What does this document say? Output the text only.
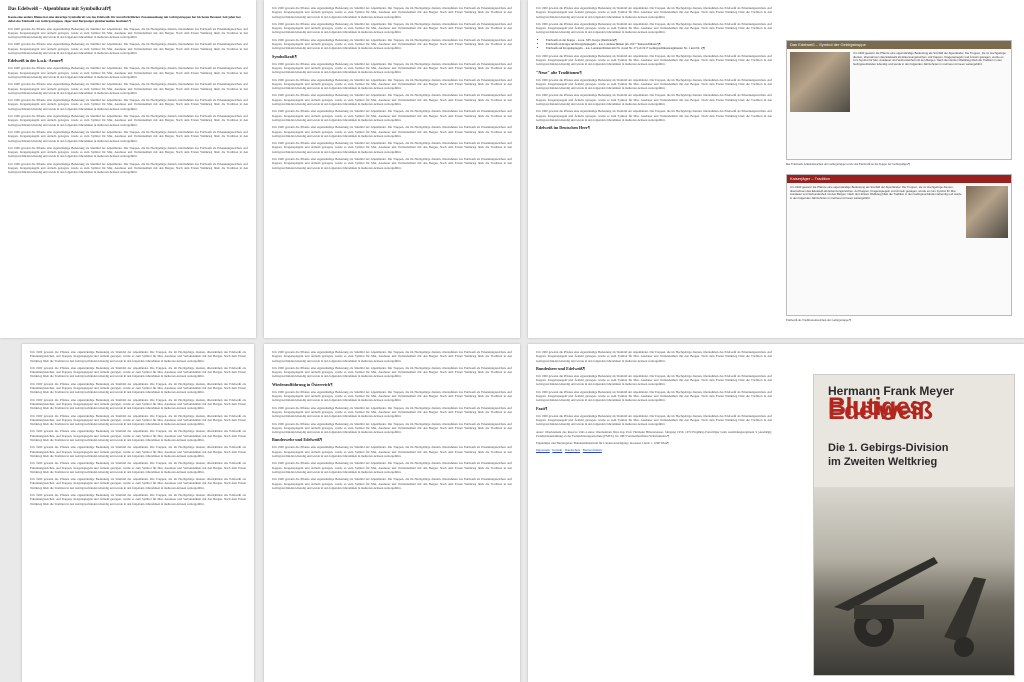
Das Edelweiß – Alpenblume mit Symbolkraft¶
Kaum eine andere Blume hat eine derartige Symbolkraft wie das Edelweiß. Ihr unverbrüchlicher Zusammenhang mit Gebirgstruppen hat bis heute Bestand. Seit jeher hat dabei das Edelweiß von Gebirgstruppen, Jäger und Bergsteiger gleichermaßen fasziniert.¶

Um 1900 gewann die Pflanze eine eigenständige Bedeutung als Sinnbild der Alpenländer. Die Truppen, die im Hochgebirge dienten, übernahmen das Edelweiß als Erkennungszeichen. Auf Kappen, Kragenspiegeln und Ärmeln getragen, wurde es zum Symbol für Mut, Ausdauer und Verbundenheit mit den Bergen. Nach dem Ersten Weltkrieg blieb die Tradition in den Gebirgsverbänden lebendig und wurde in den folgenden Jahrzehnten in mehreren Armeen weitergeführt.

Um 1900 gewann die Pflanze eine eigenständige Bedeutung als Sinnbild der Alpenländer. Die Truppen, die im Hochgebirge dienten, übernahmen das Edelweiß als Erkennungszeichen. Auf Kappen, Kragenspiegeln und Ärmeln getragen, wurde es zum Symbol für Mut, Ausdauer und Verbundenheit mit den Bergen. Nach dem Ersten Weltkrieg blieb die Tradition in den Gebirgsverbänden lebendig und wurde in den folgenden Jahrzehnten in mehreren Armeen weitergeführt.

Edelweiß in der k.u.k.-Armee¶

Um 1900 gewann die Pflanze eine eigenständige Bedeutung als Sinnbild der Alpenländer. Die Truppen, die im Hochgebirge dienten, übernahmen das Edelweiß als Erkennungszeichen. Auf Kappen, Kragenspiegeln und Ärmeln getragen, wurde es zum Symbol für Mut, Ausdauer und Verbundenheit mit den Bergen. Nach dem Ersten Weltkrieg blieb die Tradition in den Gebirgsverbänden lebendig und wurde in den folgenden Jahrzehnten in mehreren Armeen weitergeführt.

Um 1900 gewann die Pflanze eine eigenständige Bedeutung als Sinnbild der Alpenländer. Die Truppen, die im Hochgebirge dienten, übernahmen das Edelweiß als Erkennungszeichen. Auf Kappen, Kragenspiegeln und Ärmeln getragen, wurde es zum Symbol für Mut, Ausdauer und Verbundenheit mit den Bergen. Nach dem Ersten Weltkrieg blieb die Tradition in den Gebirgsverbänden lebendig und wurde in den folgenden Jahrzehnten in mehreren Armeen weitergeführt.

Um 1900 gewann die Pflanze eine eigenständige Bedeutung als Sinnbild der Alpenländer. Die Truppen, die im Hochgebirge dienten, übernahmen das Edelweiß als Erkennungszeichen. Auf Kappen, Kragenspiegeln und Ärmeln getragen, wurde es zum Symbol für Mut, Ausdauer und Verbundenheit mit den Bergen. Nach dem Ersten Weltkrieg blieb die Tradition in den Gebirgsverbänden lebendig und wurde in den folgenden Jahrzehnten in mehreren Armeen weitergeführt.

Um 1900 gewann die Pflanze eine eigenständige Bedeutung als Sinnbild der Alpenländer. Die Truppen, die im Hochgebirge dienten, übernahmen das Edelweiß als Erkennungszeichen. Auf Kappen, Kragenspiegeln und Ärmeln getragen, wurde es zum Symbol für Mut, Ausdauer und Verbundenheit mit den Bergen. Nach dem Ersten Weltkrieg blieb die Tradition in den Gebirgsverbänden lebendig und wurde in den folgenden Jahrzehnten in mehreren Armeen weitergeführt.

Um 1900 gewann die Pflanze eine eigenständige Bedeutung als Sinnbild der Alpenländer. Die Truppen, die im Hochgebirge dienten, übernahmen das Edelweiß als Erkennungszeichen. Auf Kappen, Kragenspiegeln und Ärmeln getragen, wurde es zum Symbol für Mut, Ausdauer und Verbundenheit mit den Bergen. Nach dem Ersten Weltkrieg blieb die Tradition in den Gebirgsverbänden lebendig und wurde in den folgenden Jahrzehnten in mehreren Armeen weitergeführt.

Um 1900 gewann die Pflanze eine eigenständige Bedeutung als Sinnbild der Alpenländer. Die Truppen, die im Hochgebirge dienten, übernahmen das Edelweiß als Erkennungszeichen. Auf Kappen, Kragenspiegeln und Ärmeln getragen, wurde es zum Symbol für Mut, Ausdauer und Verbundenheit mit den Bergen. Nach dem Ersten Weltkrieg blieb die Tradition in den Gebirgsverbänden lebendig und wurde in den folgenden Jahrzehnten in mehreren Armeen weitergeführt.

Um 1900 gewann die Pflanze eine eigenständige Bedeutung als Sinnbild der Alpenländer. Die Truppen, die im Hochgebirge dienten, übernahmen das Edelweiß als Erkennungszeichen. Auf Kappen, Kragenspiegeln und Ärmeln getragen, wurde es zum Symbol für Mut, Ausdauer und Verbundenheit mit den Bergen. Nach dem Ersten Weltkrieg blieb die Tradition in den Gebirgsverbänden lebendig und wurde in den folgenden Jahrzehnten in mehreren Armeen weitergeführt.

Um 1900 gewann die Pflanze eine eigenständige Bedeutung als Sinnbild der Alpenländer. Die Truppen, die im Hochgebirge dienten, übernahmen das Edelweiß als Erkennungszeichen. Auf Kappen, Kragenspiegeln und Ärmeln getragen, wurde es zum Symbol für Mut, Ausdauer und Verbundenheit mit den Bergen. Nach dem Ersten Weltkrieg blieb die Tradition in den Gebirgsverbänden lebendig und wurde in den folgenden Jahrzehnten in mehreren Armeen weitergeführt.

Um 1900 gewann die Pflanze eine eigenständige Bedeutung als Sinnbild der Alpenländer. Die Truppen, die im Hochgebirge dienten, übernahmen das Edelweiß als Erkennungszeichen. Auf Kappen, Kragenspiegeln und Ärmeln getragen, wurde es zum Symbol für Mut, Ausdauer und Verbundenheit mit den Bergen. Nach dem Ersten Weltkrieg blieb die Tradition in den Gebirgsverbänden lebendig und wurde in den folgenden Jahrzehnten in mehreren Armeen weitergeführt.

Um 1900 gewann die Pflanze eine eigenständige Bedeutung als Sinnbild der Alpenländer. Die Truppen, die im Hochgebirge dienten, übernahmen das Edelweiß als Erkennungszeichen. Auf Kappen, Kragenspiegeln und Ärmeln getragen, wurde es zum Symbol für Mut, Ausdauer und Verbundenheit mit den Bergen. Nach dem Ersten Weltkrieg blieb die Tradition in den Gebirgsverbänden lebendig und wurde in den folgenden Jahrzehnten in mehreren Armeen weitergeführt.

Symbolkraft¶

Um 1900 gewann die Pflanze eine eigenständige Bedeutung als Sinnbild der Alpenländer. Die Truppen, die im Hochgebirge dienten, übernahmen das Edelweiß als Erkennungszeichen. Auf Kappen, Kragenspiegeln und Ärmeln getragen, wurde es zum Symbol für Mut, Ausdauer und Verbundenheit mit den Bergen. Nach dem Ersten Weltkrieg blieb die Tradition in den Gebirgsverbänden lebendig und wurde in den folgenden Jahrzehnten in mehreren Armeen weitergeführt.

Um 1900 gewann die Pflanze eine eigenständige Bedeutung als Sinnbild der Alpenländer. Die Truppen, die im Hochgebirge dienten, übernahmen das Edelweiß als Erkennungszeichen. Auf Kappen, Kragenspiegeln und Ärmeln getragen, wurde es zum Symbol für Mut, Ausdauer und Verbundenheit mit den Bergen. Nach dem Ersten Weltkrieg blieb die Tradition in den Gebirgsverbänden lebendig und wurde in den folgenden Jahrzehnten in mehreren Armeen weitergeführt.

Um 1900 gewann die Pflanze eine eigenständige Bedeutung als Sinnbild der Alpenländer. Die Truppen, die im Hochgebirge dienten, übernahmen das Edelweiß als Erkennungszeichen. Auf Kappen, Kragenspiegeln und Ärmeln getragen, wurde es zum Symbol für Mut, Ausdauer und Verbundenheit mit den Bergen. Nach dem Ersten Weltkrieg blieb die Tradition in den Gebirgsverbänden lebendig und wurde in den folgenden Jahrzehnten in mehreren Armeen weitergeführt.

Um 1900 gewann die Pflanze eine eigenständige Bedeutung als Sinnbild der Alpenländer. Die Truppen, die im Hochgebirge dienten, übernahmen das Edelweiß als Erkennungszeichen. Auf Kappen, Kragenspiegeln und Ärmeln getragen, wurde es zum Symbol für Mut, Ausdauer und Verbundenheit mit den Bergen. Nach dem Ersten Weltkrieg blieb die Tradition in den Gebirgsverbänden lebendig und wurde in den folgenden Jahrzehnten in mehreren Armeen weitergeführt.

Um 1900 gewann die Pflanze eine eigenständige Bedeutung als Sinnbild der Alpenländer. Die Truppen, die im Hochgebirge dienten, übernahmen das Edelweiß als Erkennungszeichen. Auf Kappen, Kragenspiegeln und Ärmeln getragen, wurde es zum Symbol für Mut, Ausdauer und Verbundenheit mit den Bergen. Nach dem Ersten Weltkrieg blieb die Tradition in den Gebirgsverbänden lebendig und wurde in den folgenden Jahrzehnten in mehreren Armeen weitergeführt.

Um 1900 gewann die Pflanze eine eigenständige Bedeutung als Sinnbild der Alpenländer. Die Truppen, die im Hochgebirge dienten, übernahmen das Edelweiß als Erkennungszeichen. Auf Kappen, Kragenspiegeln und Ärmeln getragen, wurde es zum Symbol für Mut, Ausdauer und Verbundenheit mit den Bergen. Nach dem Ersten Weltkrieg blieb die Tradition in den Gebirgsverbänden lebendig und wurde in den folgenden Jahrzehnten in mehreren Armeen weitergeführt.

Um 1900 gewann die Pflanze eine eigenständige Bedeutung als Sinnbild der Alpenländer. Die Truppen, die im Hochgebirge dienten, übernahmen das Edelweiß als Erkennungszeichen. Auf Kappen, Kragenspiegeln und Ärmeln getragen, wurde es zum Symbol für Mut, Ausdauer und Verbundenheit mit den Bergen. Nach dem Ersten Weltkrieg blieb die Tradition in den Gebirgsverbänden lebendig und wurde in den folgenden Jahrzehnten in mehreren Armeen weitergeführt.

Um 1900 gewann die Pflanze eine eigenständige Bedeutung als Sinnbild der Alpenländer. Die Truppen, die im Hochgebirge dienten, übernahmen das Edelweiß als Erkennungszeichen. Auf Kappen, Kragenspiegeln und Ärmeln getragen, wurde es zum Symbol für Mut, Ausdauer und Verbundenheit mit den Bergen. Nach dem Ersten Weltkrieg blieb die Tradition in den Gebirgsverbänden lebendig und wurde in den folgenden Jahrzehnten in mehreren Armeen weitergeführt.

Um 1900 gewann die Pflanze eine eigenständige Bedeutung als Sinnbild der Alpenländer. Die Truppen, die im Hochgebirge dienten, übernahmen das Edelweiß als Erkennungszeichen. Auf Kappen, Kragenspiegeln und Ärmeln getragen, wurde es zum Symbol für Mut, Ausdauer und Verbundenheit mit den Bergen. Nach dem Ersten Weltkrieg blieb die Tradition in den Gebirgsverbänden lebendig und wurde in den folgenden Jahrzehnten in mehreren Armeen weitergeführt.

• Edelweiß an der Kappe – k.u.k. XIV. Korps (Innsbruck)¶
• Edelweiß an Kappe und Kragenspiegeln – k.k. Landesschützen (ab 1917 "Kaiserschützen")¶
• Edelweiß auf Kragenspiegeln – k.k. Landesschützen mit Nr. 4 und Nr. 27 (ab 1917 Gebirgsschützenregimenter Nr. 1 und Nr. 2)¶

Um 1900 gewann die Pflanze eine eigenständige Bedeutung als Sinnbild der Alpenländer. Die Truppen, die im Hochgebirge dienten, übernahmen das Edelweiß als Erkennungszeichen. Auf Kappen, Kragenspiegeln und Ärmeln getragen, wurde es zum Symbol für Mut, Ausdauer und Verbundenheit mit den Bergen. Nach dem Ersten Weltkrieg blieb die Tradition in den Gebirgsverbänden lebendig und wurde in den folgenden Jahrzehnten in mehreren Armeen weitergeführt.

"Neue" alte Traditionen¶

Um 1900 gewann die Pflanze eine eigenständige Bedeutung als Sinnbild der Alpenländer. Die Truppen, die im Hochgebirge dienten, übernahmen das Edelweiß als Erkennungszeichen. Auf Kappen, Kragenspiegeln und Ärmeln getragen, wurde es zum Symbol für Mut, Ausdauer und Verbundenheit mit den Bergen. Nach dem Ersten Weltkrieg blieb die Tradition in den Gebirgsverbänden lebendig und wurde in den folgenden Jahrzehnten in mehreren Armeen weitergeführt.

Um 1900 gewann die Pflanze eine eigenständige Bedeutung als Sinnbild der Alpenländer. Die Truppen, die im Hochgebirge dienten, übernahmen das Edelweiß als Erkennungszeichen. Auf Kappen, Kragenspiegeln und Ärmeln getragen, wurde es zum Symbol für Mut, Ausdauer und Verbundenheit mit den Bergen. Nach dem Ersten Weltkrieg blieb die Tradition in den Gebirgsverbänden lebendig und wurde in den folgenden Jahrzehnten in mehreren Armeen weitergeführt.

Um 1900 gewann die Pflanze eine eigenständige Bedeutung als Sinnbild der Alpenländer. Die Truppen, die im Hochgebirge dienten, übernahmen das Edelweiß als Erkennungszeichen. Auf Kappen, Kragenspiegeln und Ärmeln getragen, wurde es zum Symbol für Mut, Ausdauer und Verbundenheit mit den Bergen. Nach dem Ersten Weltkrieg blieb die Tradition in den Gebirgsverbänden lebendig und wurde in den folgenden Jahrzehnten in mehreren Armeen weitergeführt.

Edelweiß im Deutschen Heer¶
Das Edelweiß – Symbol der Gebirgstruppe
Um 1900 gewann die Pflanze eine eigenständige Bedeutung als Sinnbild der Alpenländer. Die Truppen, die im Hochgebirge dienten, übernahmen das Edelweiß als Erkennungszeichen. Auf Kappen, Kragenspiegeln und Ärmeln getragen, wurde es zum Symbol für Mut, Ausdauer und Verbundenheit mit den Bergen. Nach dem Ersten Weltkrieg blieb die Tradition in den Gebirgsverbänden lebendig und wurde in den folgenden Jahrzehnten in mehreren Armeen weitergeführt.
Der Edelweiß-Ärmelabzeichen der Gebirgstruppe sowie das Edelweiß an der Kappe der Gebirgsjäger.¶
Kaiserjäger – Tradition
Um 1900 gewann die Pflanze eine eigenständige Bedeutung als Sinnbild der Alpenländer. Die Truppen, die im Hochgebirge dienten, übernahmen das Edelweiß als Erkennungszeichen. Auf Kappen, Kragenspiegeln und Ärmeln getragen, wurde es zum Symbol für Mut, Ausdauer und Verbundenheit mit den Bergen. Nach dem Ersten Weltkrieg blieb die Tradition in den Gebirgsverbänden lebendig und wurde in den folgenden Jahrzehnten in mehreren Armeen weitergeführt.
Edelweiß als Traditionsabzeichen der Gebirgstruppe.¶

Um 1900 gewann die Pflanze eine eigenständige Bedeutung als Sinnbild der Alpenländer. Die Truppen, die im Hochgebirge dienten, übernahmen das Edelweiß als Erkennungszeichen. Auf Kappen, Kragenspiegeln und Ärmeln getragen, wurde es zum Symbol für Mut, Ausdauer und Verbundenheit mit den Bergen. Nach dem Ersten Weltkrieg blieb die Tradition in den Gebirgsverbänden lebendig und wurde in den folgenden Jahrzehnten in mehreren Armeen weitergeführt.

Um 1900 gewann die Pflanze eine eigenständige Bedeutung als Sinnbild der Alpenländer. Die Truppen, die im Hochgebirge dienten, übernahmen das Edelweiß als Erkennungszeichen. Auf Kappen, Kragenspiegeln und Ärmeln getragen, wurde es zum Symbol für Mut, Ausdauer und Verbundenheit mit den Bergen. Nach dem Ersten Weltkrieg blieb die Tradition in den Gebirgsverbänden lebendig und wurde in den folgenden Jahrzehnten in mehreren Armeen weitergeführt.

Um 1900 gewann die Pflanze eine eigenständige Bedeutung als Sinnbild der Alpenländer. Die Truppen, die im Hochgebirge dienten, übernahmen das Edelweiß als Erkennungszeichen. Auf Kappen, Kragenspiegeln und Ärmeln getragen, wurde es zum Symbol für Mut, Ausdauer und Verbundenheit mit den Bergen. Nach dem Ersten Weltkrieg blieb die Tradition in den Gebirgsverbänden lebendig und wurde in den folgenden Jahrzehnten in mehreren Armeen weitergeführt.

Um 1900 gewann die Pflanze eine eigenständige Bedeutung als Sinnbild der Alpenländer. Die Truppen, die im Hochgebirge dienten, übernahmen das Edelweiß als Erkennungszeichen. Auf Kappen, Kragenspiegeln und Ärmeln getragen, wurde es zum Symbol für Mut, Ausdauer und Verbundenheit mit den Bergen. Nach dem Ersten Weltkrieg blieb die Tradition in den Gebirgsverbänden lebendig und wurde in den folgenden Jahrzehnten in mehreren Armeen weitergeführt.

Um 1900 gewann die Pflanze eine eigenständige Bedeutung als Sinnbild der Alpenländer. Die Truppen, die im Hochgebirge dienten, übernahmen das Edelweiß als Erkennungszeichen. Auf Kappen, Kragenspiegeln und Ärmeln getragen, wurde es zum Symbol für Mut, Ausdauer und Verbundenheit mit den Bergen. Nach dem Ersten Weltkrieg blieb die Tradition in den Gebirgsverbänden lebendig und wurde in den folgenden Jahrzehnten in mehreren Armeen weitergeführt.

Um 1900 gewann die Pflanze eine eigenständige Bedeutung als Sinnbild der Alpenländer. Die Truppen, die im Hochgebirge dienten, übernahmen das Edelweiß als Erkennungszeichen. Auf Kappen, Kragenspiegeln und Ärmeln getragen, wurde es zum Symbol für Mut, Ausdauer und Verbundenheit mit den Bergen. Nach dem Ersten Weltkrieg blieb die Tradition in den Gebirgsverbänden lebendig und wurde in den folgenden Jahrzehnten in mehreren Armeen weitergeführt.

Um 1900 gewann die Pflanze eine eigenständige Bedeutung als Sinnbild der Alpenländer. Die Truppen, die im Hochgebirge dienten, übernahmen das Edelweiß als Erkennungszeichen. Auf Kappen, Kragenspiegeln und Ärmeln getragen, wurde es zum Symbol für Mut, Ausdauer und Verbundenheit mit den Bergen. Nach dem Ersten Weltkrieg blieb die Tradition in den Gebirgsverbänden lebendig und wurde in den folgenden Jahrzehnten in mehreren Armeen weitergeführt.

Um 1900 gewann die Pflanze eine eigenständige Bedeutung als Sinnbild der Alpenländer. Die Truppen, die im Hochgebirge dienten, übernahmen das Edelweiß als Erkennungszeichen. Auf Kappen, Kragenspiegeln und Ärmeln getragen, wurde es zum Symbol für Mut, Ausdauer und Verbundenheit mit den Bergen. Nach dem Ersten Weltkrieg blieb die Tradition in den Gebirgsverbänden lebendig und wurde in den folgenden Jahrzehnten in mehreren Armeen weitergeführt.

Um 1900 gewann die Pflanze eine eigenständige Bedeutung als Sinnbild der Alpenländer. Die Truppen, die im Hochgebirge dienten, übernahmen das Edelweiß als Erkennungszeichen. Auf Kappen, Kragenspiegeln und Ärmeln getragen, wurde es zum Symbol für Mut, Ausdauer und Verbundenheit mit den Bergen. Nach dem Ersten Weltkrieg blieb die Tradition in den Gebirgsverbänden lebendig und wurde in den folgenden Jahrzehnten in mehreren Armeen weitergeführt.

Um 1900 gewann die Pflanze eine eigenständige Bedeutung als Sinnbild der Alpenländer. Die Truppen, die im Hochgebirge dienten, übernahmen das Edelweiß als Erkennungszeichen. Auf Kappen, Kragenspiegeln und Ärmeln getragen, wurde es zum Symbol für Mut, Ausdauer und Verbundenheit mit den Bergen. Nach dem Ersten Weltkrieg blieb die Tradition in den Gebirgsverbänden lebendig und wurde in den folgenden Jahrzehnten in mehreren Armeen weitergeführt.

Um 1900 gewann die Pflanze eine eigenständige Bedeutung als Sinnbild der Alpenländer. Die Truppen, die im Hochgebirge dienten, übernahmen das Edelweiß als Erkennungszeichen. Auf Kappen, Kragenspiegeln und Ärmeln getragen, wurde es zum Symbol für Mut, Ausdauer und Verbundenheit mit den Bergen. Nach dem Ersten Weltkrieg blieb die Tradition in den Gebirgsverbänden lebendig und wurde in den folgenden Jahrzehnten in mehreren Armeen weitergeführt.

Um 1900 gewann die Pflanze eine eigenständige Bedeutung als Sinnbild der Alpenländer. Die Truppen, die im Hochgebirge dienten, übernahmen das Edelweiß als Erkennungszeichen. Auf Kappen, Kragenspiegeln und Ärmeln getragen, wurde es zum Symbol für Mut, Ausdauer und Verbundenheit mit den Bergen. Nach dem Ersten Weltkrieg blieb die Tradition in den Gebirgsverbänden lebendig und wurde in den folgenden Jahrzehnten in mehreren Armeen weitergeführt.

Wiederaufführung in Österreich¶

Um 1900 gewann die Pflanze eine eigenständige Bedeutung als Sinnbild der Alpenländer. Die Truppen, die im Hochgebirge dienten, übernahmen das Edelweiß als Erkennungszeichen. Auf Kappen, Kragenspiegeln und Ärmeln getragen, wurde es zum Symbol für Mut, Ausdauer und Verbundenheit mit den Bergen. Nach dem Ersten Weltkrieg blieb die Tradition in den Gebirgsverbänden lebendig und wurde in den folgenden Jahrzehnten in mehreren Armeen weitergeführt.

Um 1900 gewann die Pflanze eine eigenständige Bedeutung als Sinnbild der Alpenländer. Die Truppen, die im Hochgebirge dienten, übernahmen das Edelweiß als Erkennungszeichen. Auf Kappen, Kragenspiegeln und Ärmeln getragen, wurde es zum Symbol für Mut, Ausdauer und Verbundenheit mit den Bergen. Nach dem Ersten Weltkrieg blieb die Tradition in den Gebirgsverbänden lebendig und wurde in den folgenden Jahrzehnten in mehreren Armeen weitergeführt.

Um 1900 gewann die Pflanze eine eigenständige Bedeutung als Sinnbild der Alpenländer. Die Truppen, die im Hochgebirge dienten, übernahmen das Edelweiß als Erkennungszeichen. Auf Kappen, Kragenspiegeln und Ärmeln getragen, wurde es zum Symbol für Mut, Ausdauer und Verbundenheit mit den Bergen. Nach dem Ersten Weltkrieg blieb die Tradition in den Gebirgsverbänden lebendig und wurde in den folgenden Jahrzehnten in mehreren Armeen weitergeführt.

Bundeswehr und Edelweiß¶

Um 1900 gewann die Pflanze eine eigenständige Bedeutung als Sinnbild der Alpenländer. Die Truppen, die im Hochgebirge dienten, übernahmen das Edelweiß als Erkennungszeichen. Auf Kappen, Kragenspiegeln und Ärmeln getragen, wurde es zum Symbol für Mut, Ausdauer und Verbundenheit mit den Bergen. Nach dem Ersten Weltkrieg blieb die Tradition in den Gebirgsverbänden lebendig und wurde in den folgenden Jahrzehnten in mehreren Armeen weitergeführt.

Um 1900 gewann die Pflanze eine eigenständige Bedeutung als Sinnbild der Alpenländer. Die Truppen, die im Hochgebirge dienten, übernahmen das Edelweiß als Erkennungszeichen. Auf Kappen, Kragenspiegeln und Ärmeln getragen, wurde es zum Symbol für Mut, Ausdauer und Verbundenheit mit den Bergen. Nach dem Ersten Weltkrieg blieb die Tradition in den Gebirgsverbänden lebendig und wurde in den folgenden Jahrzehnten in mehreren Armeen weitergeführt.

Um 1900 gewann die Pflanze eine eigenständige Bedeutung als Sinnbild der Alpenländer. Die Truppen, die im Hochgebirge dienten, übernahmen das Edelweiß als Erkennungszeichen. Auf Kappen, Kragenspiegeln und Ärmeln getragen, wurde es zum Symbol für Mut, Ausdauer und Verbundenheit mit den Bergen. Nach dem Ersten Weltkrieg blieb die Tradition in den Gebirgsverbänden lebendig und wurde in den folgenden Jahrzehnten in mehreren Armeen weitergeführt.

Um 1900 gewann die Pflanze eine eigenständige Bedeutung als Sinnbild der Alpenländer. Die Truppen, die im Hochgebirge dienten, übernahmen das Edelweiß als Erkennungszeichen. Auf Kappen, Kragenspiegeln und Ärmeln getragen, wurde es zum Symbol für Mut, Ausdauer und Verbundenheit mit den Bergen. Nach dem Ersten Weltkrieg blieb die Tradition in den Gebirgsverbänden lebendig und wurde in den folgenden Jahrzehnten in mehreren Armeen weitergeführt.

Bundesheer und Edelweiß¶

Um 1900 gewann die Pflanze eine eigenständige Bedeutung als Sinnbild der Alpenländer. Die Truppen, die im Hochgebirge dienten, übernahmen das Edelweiß als Erkennungszeichen. Auf Kappen, Kragenspiegeln und Ärmeln getragen, wurde es zum Symbol für Mut, Ausdauer und Verbundenheit mit den Bergen. Nach dem Ersten Weltkrieg blieb die Tradition in den Gebirgsverbänden lebendig und wurde in den folgenden Jahrzehnten in mehreren Armeen weitergeführt.

Um 1900 gewann die Pflanze eine eigenständige Bedeutung als Sinnbild der Alpenländer. Die Truppen, die im Hochgebirge dienten, übernahmen das Edelweiß als Erkennungszeichen. Auf Kappen, Kragenspiegeln und Ärmeln getragen, wurde es zum Symbol für Mut, Ausdauer und Verbundenheit mit den Bergen. Nach dem Ersten Weltkrieg blieb die Tradition in den Gebirgsverbänden lebendig und wurde in den folgenden Jahrzehnten in mehreren Armeen weitergeführt.

Fazit¶

Um 1900 gewann die Pflanze eine eigenständige Bedeutung als Sinnbild der Alpenländer. Die Truppen, die im Hochgebirge dienten, übernahmen das Edelweiß als Erkennungszeichen. Auf Kappen, Kragenspiegeln und Ärmeln getragen, wurde es zum Symbol für Mut, Ausdauer und Verbundenheit mit den Bergen. Nach dem Ersten Weltkrieg blieb die Tradition in den Gebirgsverbänden lebendig und wurde in den folgenden Jahrzehnten in mehreren Armeen weitergeführt.

Autor: Oberleutnant des Reserve Univ.-Lektor Oberleutnant Dipl.-Ing. Prof. Hermann Hinterstoisser, Jahrgang 1956; 1974 Einjährig-Freiwilliger beim Ausbildungsregiment 9 (AusbRgt); Fernmeldeausbildung an der Fernmeldetruppenschule (FMTS), bis 1987 Fernmeldeoffizier/Stabsfunktion.¶

Eigentümer und Herausgeber: Bundesministerium für Landesverteidigung | Rossauer Lände 1, 1090 Wien¶

Impressum · Kontakt · Datenschutz · Barrierefreiheit

Hermann Frank Meyer
Blutiges Edelweiß
Die 1. Gebirgs-Division
im Zweiten Weltkrieg
